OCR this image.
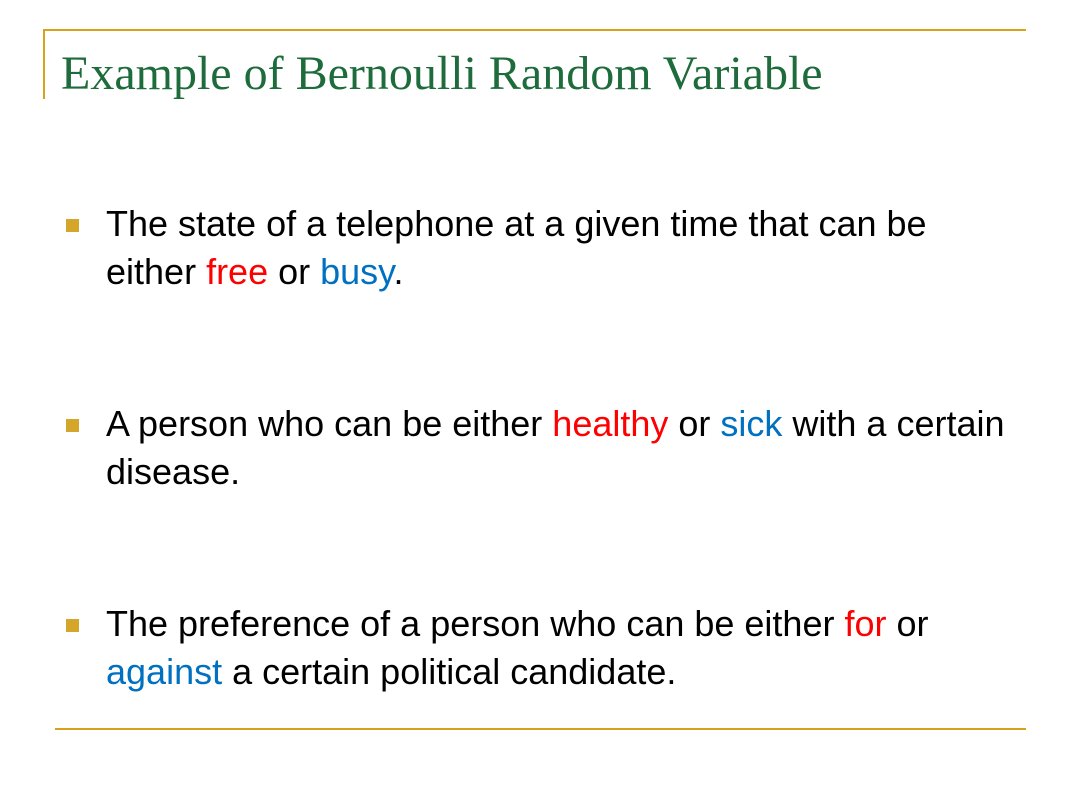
Example of Bernoulli Random Variable
The state of a telephone at a given time that can be either free or busy.
A person who can be either healthy or sick with a certain disease.
The preference of a person who can be either for or against a certain political candidate.
